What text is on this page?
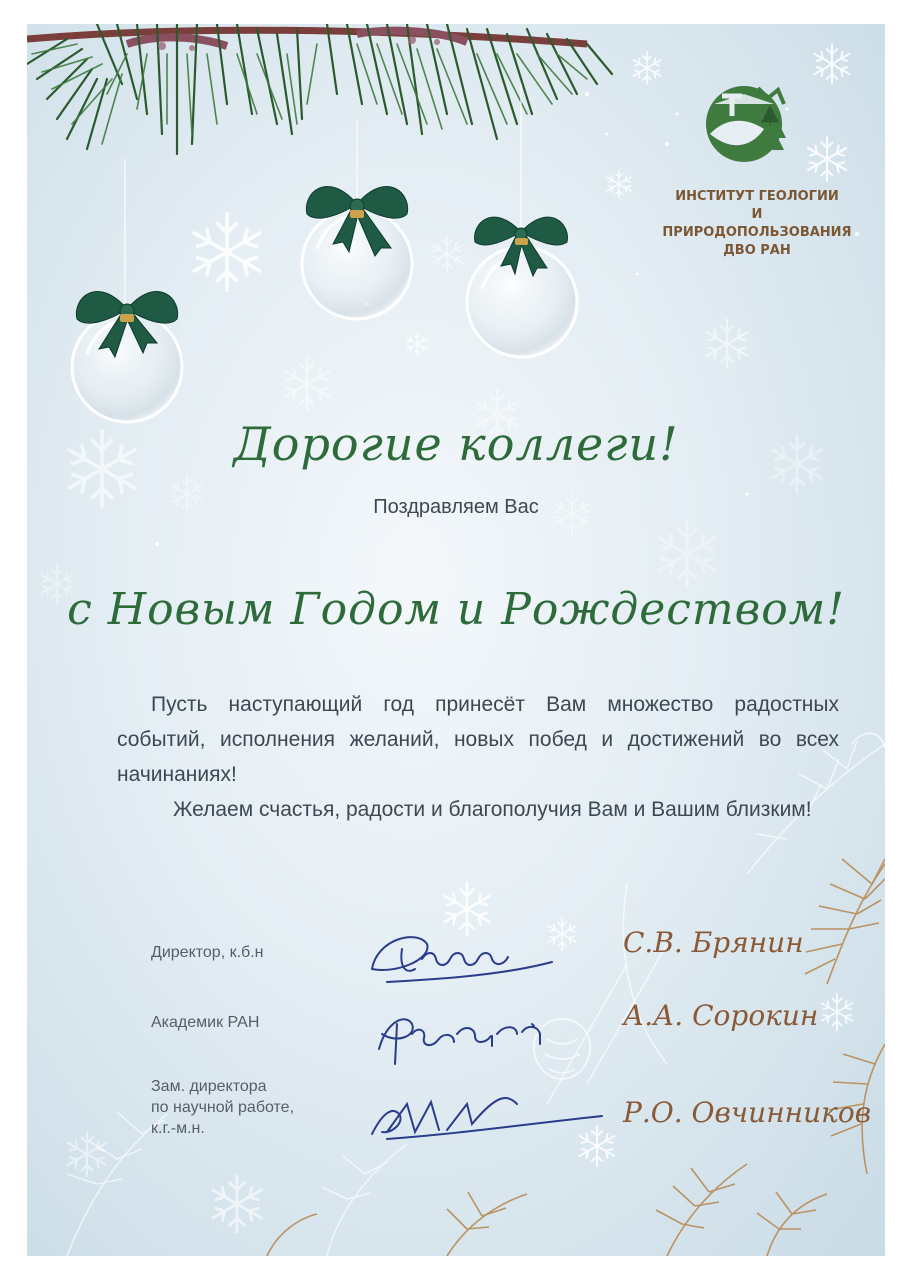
ИНСТИТУТ ГЕОЛОГИИ
И ПРИРОДОПОЛЬЗОВАНИЯ
ДВО РАН
Дорогие коллеги!
Поздравляем Вас
с Новым Годом и Рождеством!

Пусть наступающий год принесёт Вам множество радостных событий, исполнения желаний, новых побед и достижений во всех начинаниях!

Желаем счастья, радости и благополучия Вам и Вашим близким!

Директор, к.б.н	С.В. Брянин
Академик РАН	А.А. Сорокин
Зам. директора
по научной работе,
к.г.-м.н.	Р.О. Овчинников
